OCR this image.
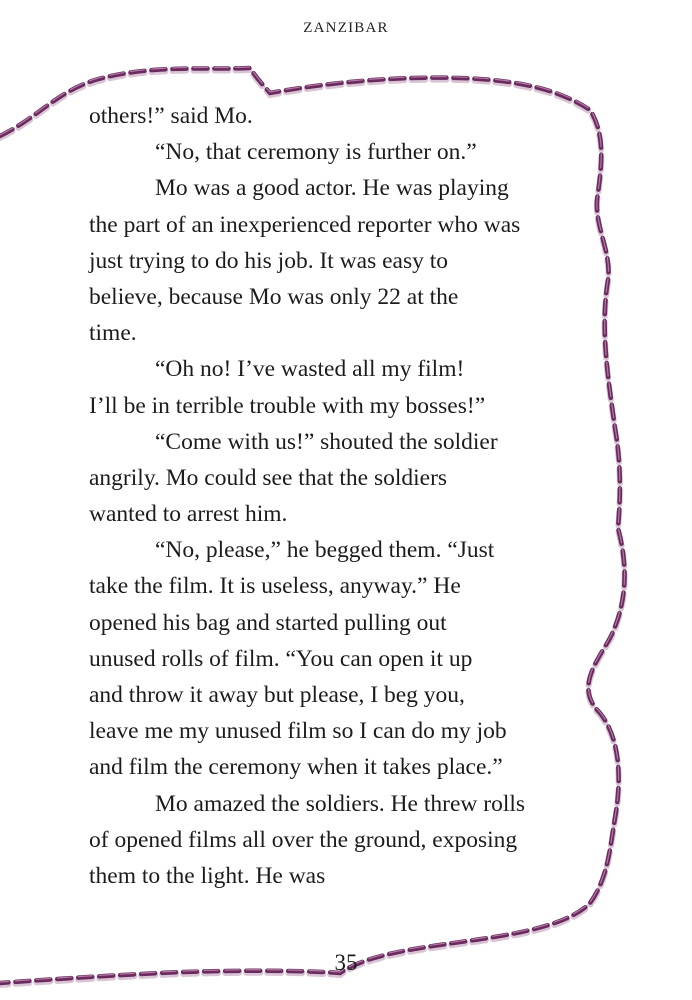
ZANZIBAR
others!” said Mo.
“No, that ceremony is further on.”
Mo was a good actor. He was playing
the part of an inexperienced reporter who was
just trying to do his job. It was easy to
believe, because Mo was only 22 at the
time.
“Oh no! I’ve wasted all my film!
I’ll be in terrible trouble with my bosses!”
“Come with us!” shouted the soldier
angrily. Mo could see that the soldiers
wanted to arrest him.
“No, please,” he begged them. “Just
take the film. It is useless, anyway.” He
opened his bag and started pulling out
unused rolls of film. “You can open it up
and throw it away but please, I beg you,
leave me my unused film so I can do my job
and film the ceremony when it takes place.”
Mo amazed the soldiers. He threw rolls
of opened films all over the ground, exposing
them to the light. He was
35
